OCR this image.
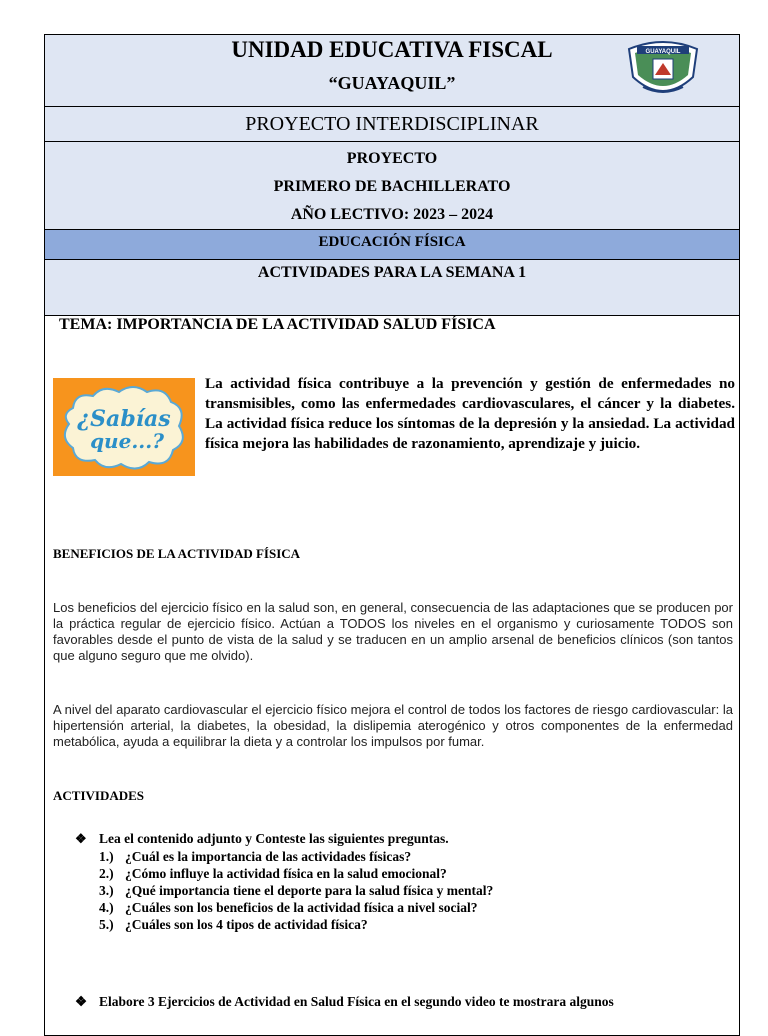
UNIDAD EDUCATIVA FISCAL
“GUAYAQUIL”
GUAYAQUIL
PROYECTO INTERDISCIPLINAR
PROYECTO
PRIMERO DE BACHILLERATO
AÑO LECTIVO: 2023 – 2024
EDUCACIÓN FÍSICA
ACTIVIDADES PARA LA SEMANA 1
TEMA: IMPORTANCIA DE LA ACTIVIDAD SALUD FÍSICA
¿Sabías
que...?
La actividad física contribuye a la prevención y gestión de enfermedades no transmisibles, como las enfermedades cardiovasculares, el cáncer y la diabetes. La actividad física reduce los síntomas de la depresión y la ansiedad. La actividad física mejora las habilidades de razonamiento, aprendizaje y juicio.
BENEFICIOS DE LA ACTIVIDAD FÍSICA
Los beneficios del ejercicio físico en la salud son, en general, consecuencia de las adaptaciones que se producen por la práctica regular de ejercicio físico. Actúan a TODOS los niveles en el organismo y curiosamente TODOS son favorables desde el punto de vista de la salud y se traducen en un amplio arsenal de beneficios clínicos (son tantos que alguno seguro que me olvido).
A nivel del aparato cardiovascular el ejercicio físico mejora el control de todos los factores de riesgo cardiovascular: la hipertensión arterial, la diabetes, la obesidad, la dislipemia aterogénico y otros componentes de la enfermedad metabólica, ayuda a equilibrar la dieta y a controlar los impulsos por fumar.
ACTIVIDADES
❖ Lea el contenido adjunto y Conteste las siguientes preguntas.
1.) ¿Cuál es la importancia de las actividades físicas?
2.) ¿Cómo influye la actividad física en la salud emocional?
3.) ¿Qué importancia tiene el deporte para la salud física y mental?
4.) ¿Cuáles son los beneficios de la actividad física a nivel social?
5.) ¿Cuáles son los 4 tipos de actividad física?
❖ Elabore 3 Ejercicios de Actividad en Salud Física en el segundo video te mostrara algunos
